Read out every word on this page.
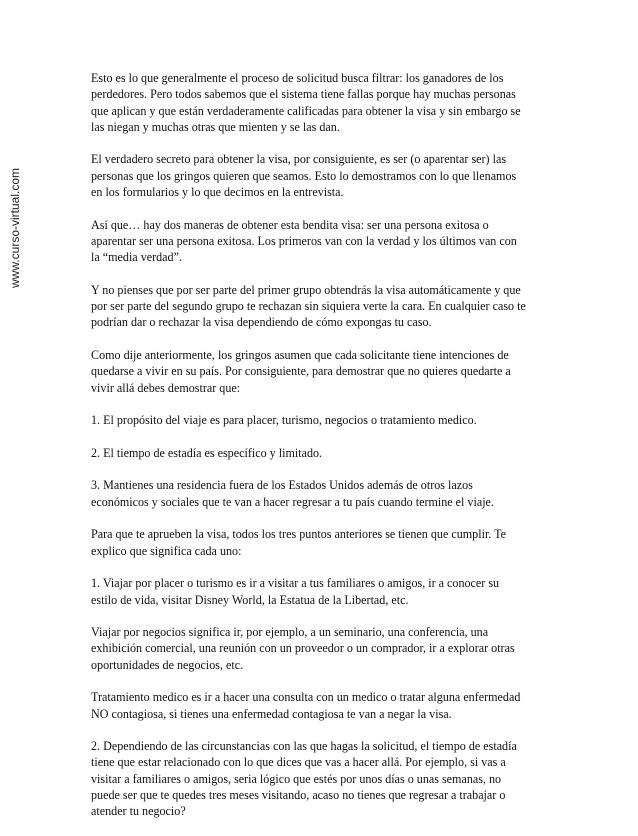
www.curso-virtual.com

Esto es lo que generalmente el proceso de solicitud busca filtrar: los ganadores de los
perdedores. Pero todos sabemos que el sistema tiene fallas porque hay muchas personas
que aplican y que están verdaderamente calificadas para obtener la visa y sin embargo se
las niegan y muchas otras que mienten y se las dan.

El verdadero secreto para obtener la visa, por consiguiente, es ser (o aparentar ser) las
personas que los gringos quieren que seamos. Esto lo demostramos con lo que llenamos
en los formularios y lo que decimos en la entrevista.

Así que… hay dos maneras de obtener esta bendita visa: ser una persona exitosa o
aparentar ser una persona exitosa. Los primeros van con la verdad y los últimos van con
la “media verdad”.

Y no pienses que por ser parte del primer grupo obtendrás la visa automáticamente y que
por ser parte del segundo grupo te rechazan sin siquiera verte la cara. En cualquier caso te
podrían dar o rechazar la visa dependiendo de cómo expongas tu caso.

Como dije anteriormente, los gringos asumen que cada solicitante tiene intenciones de
quedarse a vivir en su país. Por consiguiente, para demostrar que no quieres quedarte a
vivir allá debes demostrar que:

1. El propósito del viaje es para placer, turismo, negocios o tratamiento medico.

2. El tiempo de estadía es específico y limitado.

3. Mantienes una residencia fuera de los Estados Unidos además de otros lazos
económicos y sociales que te van a hacer regresar a tu país cuando termine el viaje.

Para que te aprueben la visa, todos los tres puntos anteriores se tienen que cumplir. Te
explico que significa cada uno:

1. Viajar por placer o turismo es ir a visitar a tus familiares o amigos, ir a conocer su
estilo de vida, visitar Disney World, la Estatua de la Libertad, etc.

Viajar por negocios significa ir, por ejemplo, a un seminario, una conferencia, una
exhibición comercial, una reunión con un proveedor o un comprador, ir a explorar otras
oportunidades de negocios, etc.

Tratamiento medico es ir a hacer una consulta con un medico o tratar alguna enfermedad
NO contagiosa, si tienes una enfermedad contagiosa te van a negar la visa.

2. Dependiendo de las circunstancias con las que hagas la solicitud, el tiempo de estadía
tiene que estar relacionado con lo que dices que vas a hacer allá. Por ejemplo, si vas a
visitar a familiares o amigos, seria lógico que estés por unos días o unas semanas, no
puede ser que te quedes tres meses visitando, acaso no tienes que regresar a trabajar o
atender tu negocio?
